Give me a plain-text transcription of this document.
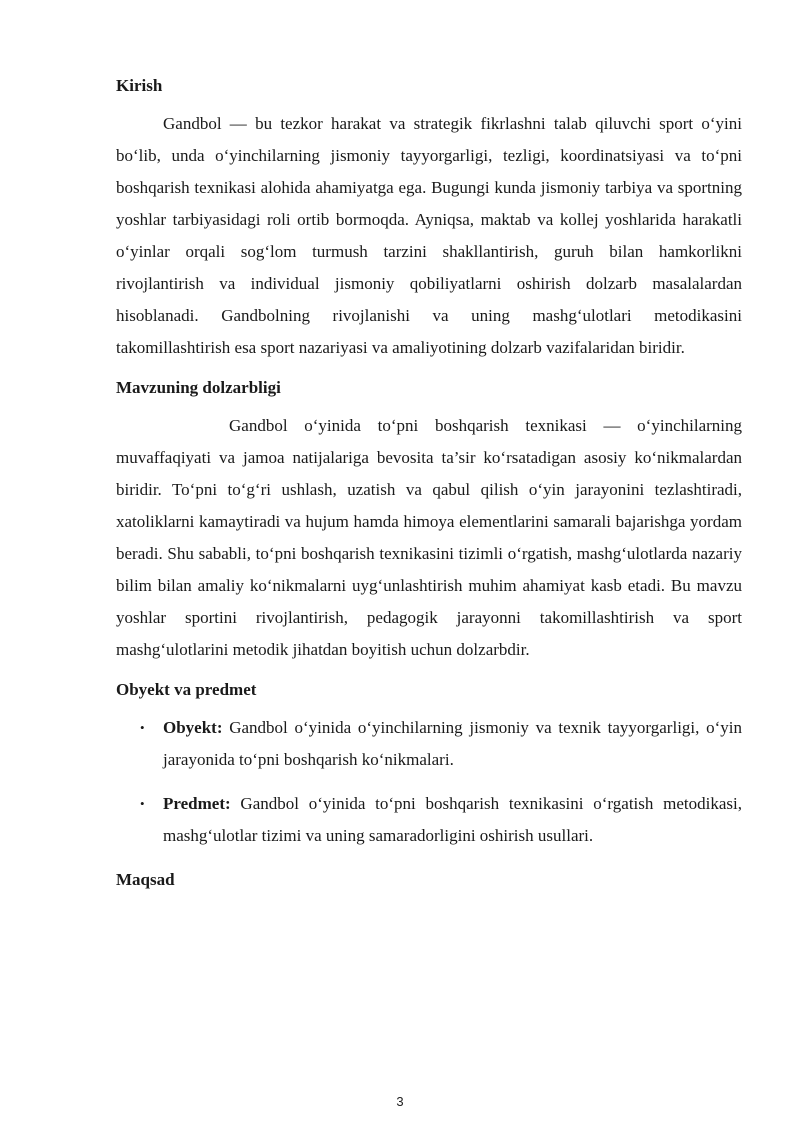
Kirish

Gandbol — bu tezkor harakat va strategik fikrlashni talab qiluvchi sport o‘yini bo‘lib, unda o‘yinchilarning jismoniy tayyorgarligi, tezligi, koordinatsiyasi va to‘pni boshqarish texnikasi alohida ahamiyatga ega. Bugungi kunda jismoniy tarbiya va sportning yoshlar tarbiyasidagi roli ortib bormoqda. Ayniqsa, maktab va kollej yoshlarida harakatli o‘yinlar orqali sog‘lom turmush tarzini shakllantirish, guruh bilan hamkorlikni rivojlantirish va individual jismoniy qobiliyatlarni oshirish dolzarb masalalardan hisoblanadi. Gandbolning rivojlanishi va uning mashg‘ulotlari metodikasini takomillashtirish esa sport nazariyasi va amaliyotining dolzarb vazifalaridan biridir.

Mavzuning dolzarbligi

Gandbol o‘yinida to‘pni boshqarish texnikasi — o‘yinchilarning muvaffaqiyati va jamoa natijalariga bevosita ta’sir ko‘rsatadigan asosiy ko‘nikmalardan biridir. To‘pni to‘g‘ri ushlash, uzatish va qabul qilish o‘yin jarayonini tezlashtiradi, xatoliklarni kamaytiradi va hujum hamda himoya elementlarini samarali bajarishga yordam beradi. Shu sababli, to‘pni boshqarish texnikasini tizimli o‘rgatish, mashg‘ulotlarda nazariy bilim bilan amaliy ko‘nikmalarni uyg‘unlashtirish muhim ahamiyat kasb etadi. Bu mavzu yoshlar sportini rivojlantirish, pedagogik jarayonni takomillashtirish va sport mashg‘ulotlarini metodik jihatdan boyitish uchun dolzarbdir.

Obyekt va predmet
• Obyekt: Gandbol o‘yinida o‘yinchilarning jismoniy va texnik tayyorgarligi, o‘yin jarayonida to‘pni boshqarish ko‘nikmalari.
• Predmet: Gandbol o‘yinida to‘pni boshqarish texnikasini o‘rgatish metodikasi, mashg‘ulotlar tizimi va uning samaradorligini oshirish usullari.
Maqsad
3
